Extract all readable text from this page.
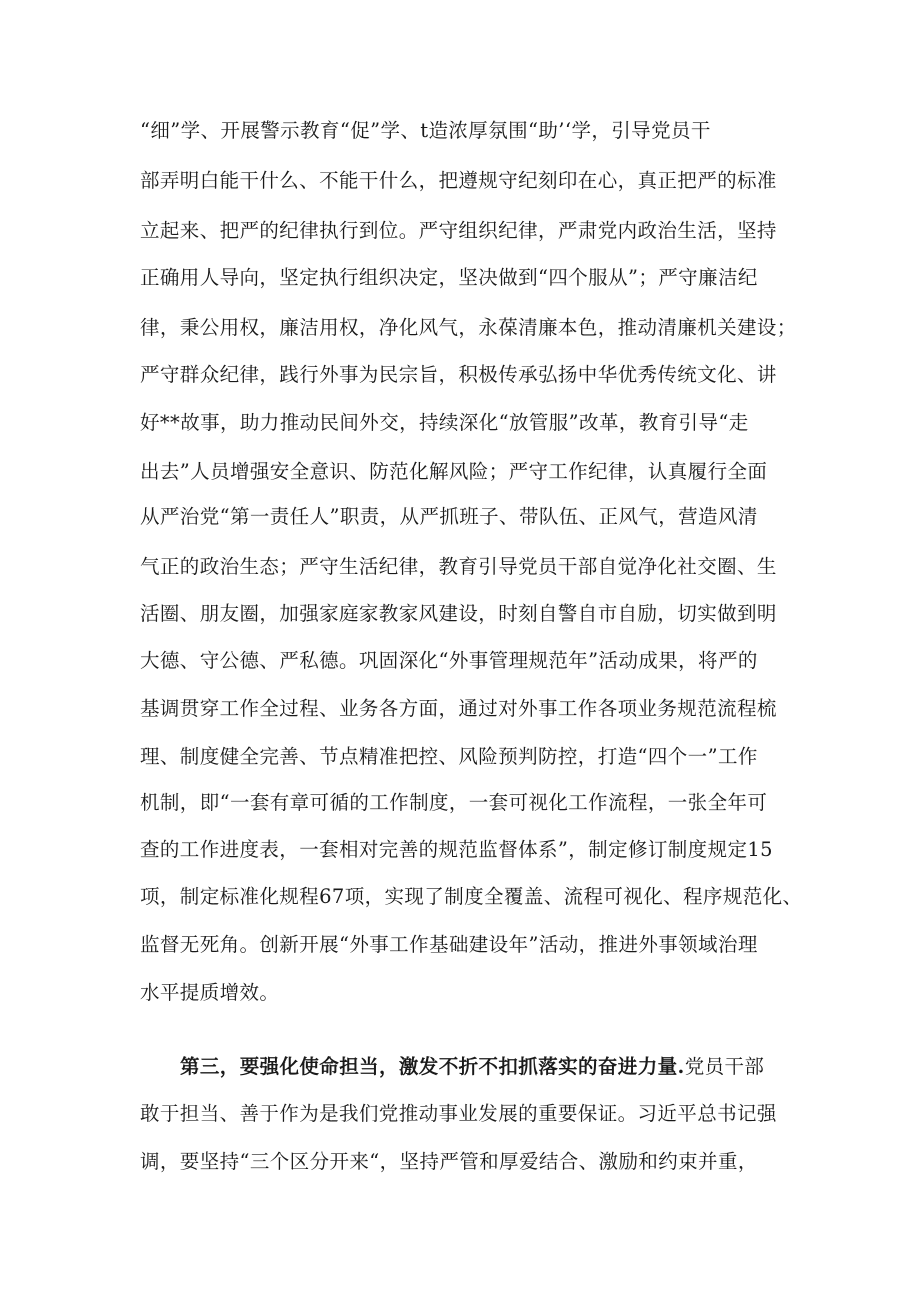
“细”学、开展警示教育“促”学、t造浓厚氛围“助’‘学，引导党员干
部弄明白能干什么、不能干什么，把遵规守纪刻印在心，真正把严的标准
立起来、把严的纪律执行到位。严守组织纪律，严肃党内政治生活，坚持
正确用人导向，坚定执行组织决定，坚决做到“四个服从”；严守廉洁纪
律，秉公用权，廉洁用权，净化风气，永葆清廉本色，推动清廉机关建设；
严守群众纪律，践行外事为民宗旨，积极传承弘扬中华优秀传统文化、讲
好**故事，助力推动民间外交，持续深化“放管服”改革，教育引导“走
出去”人员增强安全意识、防范化解风险；严守工作纪律，认真履行全面
从严治党“第一责任人”职责，从严抓班子、带队伍、正风气，营造风清
气正的政治生态；严守生活纪律，教育引导党员干部自觉净化社交圈、生
活圈、朋友圈，加强家庭家教家风建设，时刻自警自市自励，切实做到明
大德、守公德、严私德。巩固深化“外事管理规范年”活动成果，将严的
基调贯穿工作全过程、业务各方面，通过对外事工作各项业务规范流程梳
理、制度健全完善、节点精准把控、风险预判防控，打造“四个一”工作
机制，即“一套有章可循的工作制度，一套可视化工作流程，一张全年可
查的工作进度表，一套相对完善的规范监督体系”，制定修订制度规定15
项，制定标准化规程67项，实现了制度全覆盖、流程可视化、程序规范化、
监督无死角。创新开展“外事工作基础建设年”活动，推进外事领域治理
水平提质增效。
第三，要强化使命担当，激发不折不扣抓落实的奋进力量.党员干部
敢于担当、善于作为是我们党推动事业发展的重要保证。习近平总书记强
调，要坚持“三个区分开来“，坚持严管和厚爱结合、激励和约束并重，
